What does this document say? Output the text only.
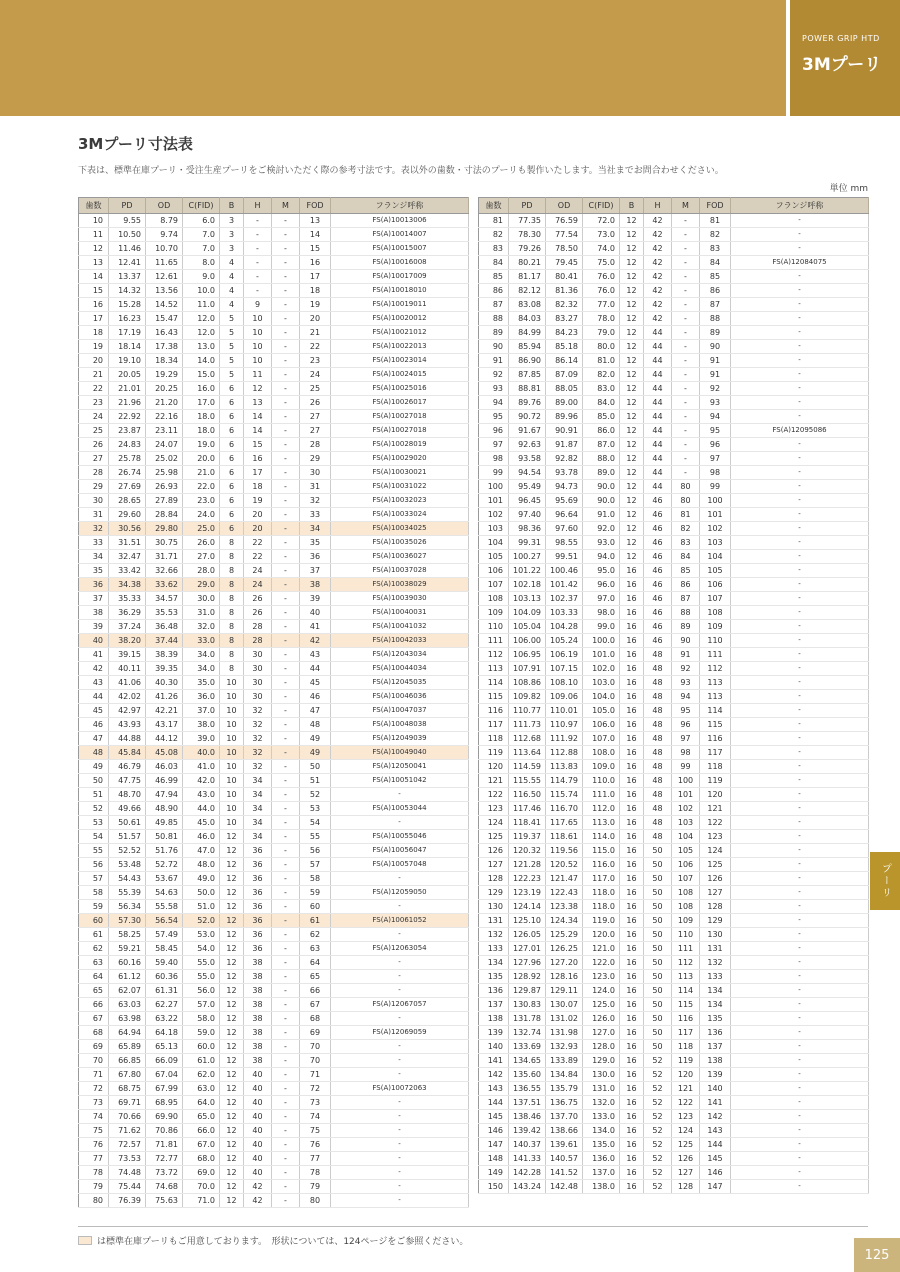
POWER GRIP HTD
3Mプーリ
3Mプーリ寸法表
下表は、標準在庫プーリ・受注生産プーリをご検討いただく際の参考寸法です。表以外の歯数・寸法のプーリも製作いたします。当社までお問合わせください。
単位 mm
歯数	PD	OD	C(FID)	B	H	M	FOD	フランジ呼称
10	9.55	8.79	6.0	3	-	-	13	FS(A)10013006
11	10.50	9.74	7.0	3	-	-	14	FS(A)10014007
12	11.46	10.70	7.0	3	-	-	15	FS(A)10015007
13	12.41	11.65	8.0	4	-	-	16	FS(A)10016008
14	13.37	12.61	9.0	4	-	-	17	FS(A)10017009
15	14.32	13.56	10.0	4	-	-	18	FS(A)10018010
16	15.28	14.52	11.0	4	9	-	19	FS(A)10019011
17	16.23	15.47	12.0	5	10	-	20	FS(A)10020012
18	17.19	16.43	12.0	5	10	-	21	FS(A)10021012
19	18.14	17.38	13.0	5	10	-	22	FS(A)10022013
20	19.10	18.34	14.0	5	10	-	23	FS(A)10023014
21	20.05	19.29	15.0	5	11	-	24	FS(A)10024015
22	21.01	20.25	16.0	6	12	-	25	FS(A)10025016
23	21.96	21.20	17.0	6	13	-	26	FS(A)10026017
24	22.92	22.16	18.0	6	14	-	27	FS(A)10027018
25	23.87	23.11	18.0	6	14	-	27	FS(A)10027018
26	24.83	24.07	19.0	6	15	-	28	FS(A)10028019
27	25.78	25.02	20.0	6	16	-	29	FS(A)10029020
28	26.74	25.98	21.0	6	17	-	30	FS(A)10030021
29	27.69	26.93	22.0	6	18	-	31	FS(A)10031022
30	28.65	27.89	23.0	6	19	-	32	FS(A)10032023
31	29.60	28.84	24.0	6	20	-	33	FS(A)10033024
32	30.56	29.80	25.0	6	20	-	34	FS(A)10034025
33	31.51	30.75	26.0	8	22	-	35	FS(A)10035026
34	32.47	31.71	27.0	8	22	-	36	FS(A)10036027
35	33.42	32.66	28.0	8	24	-	37	FS(A)10037028
36	34.38	33.62	29.0	8	24	-	38	FS(A)10038029
37	35.33	34.57	30.0	8	26	-	39	FS(A)10039030
38	36.29	35.53	31.0	8	26	-	40	FS(A)10040031
39	37.24	36.48	32.0	8	28	-	41	FS(A)10041032
40	38.20	37.44	33.0	8	28	-	42	FS(A)10042033
41	39.15	38.39	34.0	8	30	-	43	FS(A)12043034
42	40.11	39.35	34.0	8	30	-	44	FS(A)10044034
43	41.06	40.30	35.0	10	30	-	45	FS(A)12045035
44	42.02	41.26	36.0	10	30	-	46	FS(A)10046036
45	42.97	42.21	37.0	10	32	-	47	FS(A)10047037
46	43.93	43.17	38.0	10	32	-	48	FS(A)10048038
47	44.88	44.12	39.0	10	32	-	49	FS(A)12049039
48	45.84	45.08	40.0	10	32	-	49	FS(A)10049040
49	46.79	46.03	41.0	10	32	-	50	FS(A)12050041
50	47.75	46.99	42.0	10	34	-	51	FS(A)10051042
51	48.70	47.94	43.0	10	34	-	52	-
52	49.66	48.90	44.0	10	34	-	53	FS(A)10053044
53	50.61	49.85	45.0	10	34	-	54	-
54	51.57	50.81	46.0	12	34	-	55	FS(A)10055046
55	52.52	51.76	47.0	12	36	-	56	FS(A)10056047
56	53.48	52.72	48.0	12	36	-	57	FS(A)10057048
57	54.43	53.67	49.0	12	36	-	58	-
58	55.39	54.63	50.0	12	36	-	59	FS(A)12059050
59	56.34	55.58	51.0	12	36	-	60	-
60	57.30	56.54	52.0	12	36	-	61	FS(A)10061052
61	58.25	57.49	53.0	12	36	-	62	-
62	59.21	58.45	54.0	12	36	-	63	FS(A)12063054
63	60.16	59.40	55.0	12	38	-	64	-
64	61.12	60.36	55.0	12	38	-	65	-
65	62.07	61.31	56.0	12	38	-	66	-
66	63.03	62.27	57.0	12	38	-	67	FS(A)12067057
67	63.98	63.22	58.0	12	38	-	68	-
68	64.94	64.18	59.0	12	38	-	69	FS(A)12069059
69	65.89	65.13	60.0	12	38	-	70	-
70	66.85	66.09	61.0	12	38	-	70	-
71	67.80	67.04	62.0	12	40	-	71	-
72	68.75	67.99	63.0	12	40	-	72	FS(A)10072063
73	69.71	68.95	64.0	12	40	-	73	-
74	70.66	69.90	65.0	12	40	-	74	-
75	71.62	70.86	66.0	12	40	-	75	-
76	72.57	71.81	67.0	12	40	-	76	-
77	73.53	72.77	68.0	12	40	-	77	-
78	74.48	73.72	69.0	12	40	-	78	-
79	75.44	74.68	70.0	12	42	-	79	-
80	76.39	75.63	71.0	12	42	-	80	-
歯数	PD	OD	C(FID)	B	H	M	FOD	フランジ呼称
81	77.35	76.59	72.0	12	42	-	81	-
82	78.30	77.54	73.0	12	42	-	82	-
83	79.26	78.50	74.0	12	42	-	83	-
84	80.21	79.45	75.0	12	42	-	84	FS(A)12084075
85	81.17	80.41	76.0	12	42	-	85	-
86	82.12	81.36	76.0	12	42	-	86	-
87	83.08	82.32	77.0	12	42	-	87	-
88	84.03	83.27	78.0	12	42	-	88	-
89	84.99	84.23	79.0	12	44	-	89	-
90	85.94	85.18	80.0	12	44	-	90	-
91	86.90	86.14	81.0	12	44	-	91	-
92	87.85	87.09	82.0	12	44	-	91	-
93	88.81	88.05	83.0	12	44	-	92	-
94	89.76	89.00	84.0	12	44	-	93	-
95	90.72	89.96	85.0	12	44	-	94	-
96	91.67	90.91	86.0	12	44	-	95	FS(A)12095086
97	92.63	91.87	87.0	12	44	-	96	-
98	93.58	92.82	88.0	12	44	-	97	-
99	94.54	93.78	89.0	12	44	-	98	-
100	95.49	94.73	90.0	12	44	80	99	-
101	96.45	95.69	90.0	12	46	80	100	-
102	97.40	96.64	91.0	12	46	81	101	-
103	98.36	97.60	92.0	12	46	82	102	-
104	99.31	98.55	93.0	12	46	83	103	-
105	100.27	99.51	94.0	12	46	84	104	-
106	101.22	100.46	95.0	16	46	85	105	-
107	102.18	101.42	96.0	16	46	86	106	-
108	103.13	102.37	97.0	16	46	87	107	-
109	104.09	103.33	98.0	16	46	88	108	-
110	105.04	104.28	99.0	16	46	89	109	-
111	106.00	105.24	100.0	16	46	90	110	-
112	106.95	106.19	101.0	16	48	91	111	-
113	107.91	107.15	102.0	16	48	92	112	-
114	108.86	108.10	103.0	16	48	93	113	-
115	109.82	109.06	104.0	16	48	94	113	-
116	110.77	110.01	105.0	16	48	95	114	-
117	111.73	110.97	106.0	16	48	96	115	-
118	112.68	111.92	107.0	16	48	97	116	-
119	113.64	112.88	108.0	16	48	98	117	-
120	114.59	113.83	109.0	16	48	99	118	-
121	115.55	114.79	110.0	16	48	100	119	-
122	116.50	115.74	111.0	16	48	101	120	-
123	117.46	116.70	112.0	16	48	102	121	-
124	118.41	117.65	113.0	16	48	103	122	-
125	119.37	118.61	114.0	16	48	104	123	-
126	120.32	119.56	115.0	16	50	105	124	-
127	121.28	120.52	116.0	16	50	106	125	-
128	122.23	121.47	117.0	16	50	107	126	-
129	123.19	122.43	118.0	16	50	108	127	-
130	124.14	123.38	118.0	16	50	108	128	-
131	125.10	124.34	119.0	16	50	109	129	-
132	126.05	125.29	120.0	16	50	110	130	-
133	127.01	126.25	121.0	16	50	111	131	-
134	127.96	127.20	122.0	16	50	112	132	-
135	128.92	128.16	123.0	16	50	113	133	-
136	129.87	129.11	124.0	16	50	114	134	-
137	130.83	130.07	125.0	16	50	115	134	-
138	131.78	131.02	126.0	16	50	116	135	-
139	132.74	131.98	127.0	16	50	117	136	-
140	133.69	132.93	128.0	16	50	118	137	-
141	134.65	133.89	129.0	16	52	119	138	-
142	135.60	134.84	130.0	16	52	120	139	-
143	136.55	135.79	131.0	16	52	121	140	-
144	137.51	136.75	132.0	16	52	122	141	-
145	138.46	137.70	133.0	16	52	123	142	-
146	139.42	138.66	134.0	16	52	124	143	-
147	140.37	139.61	135.0	16	52	125	144	-
148	141.33	140.57	136.0	16	52	126	145	-
149	142.28	141.52	137.0	16	52	127	146	-
150	143.24	142.48	138.0	16	52	128	147	-
は標準在庫プーリもご用意しております。　形状については、124ページをご参照ください。
プーリ
125
